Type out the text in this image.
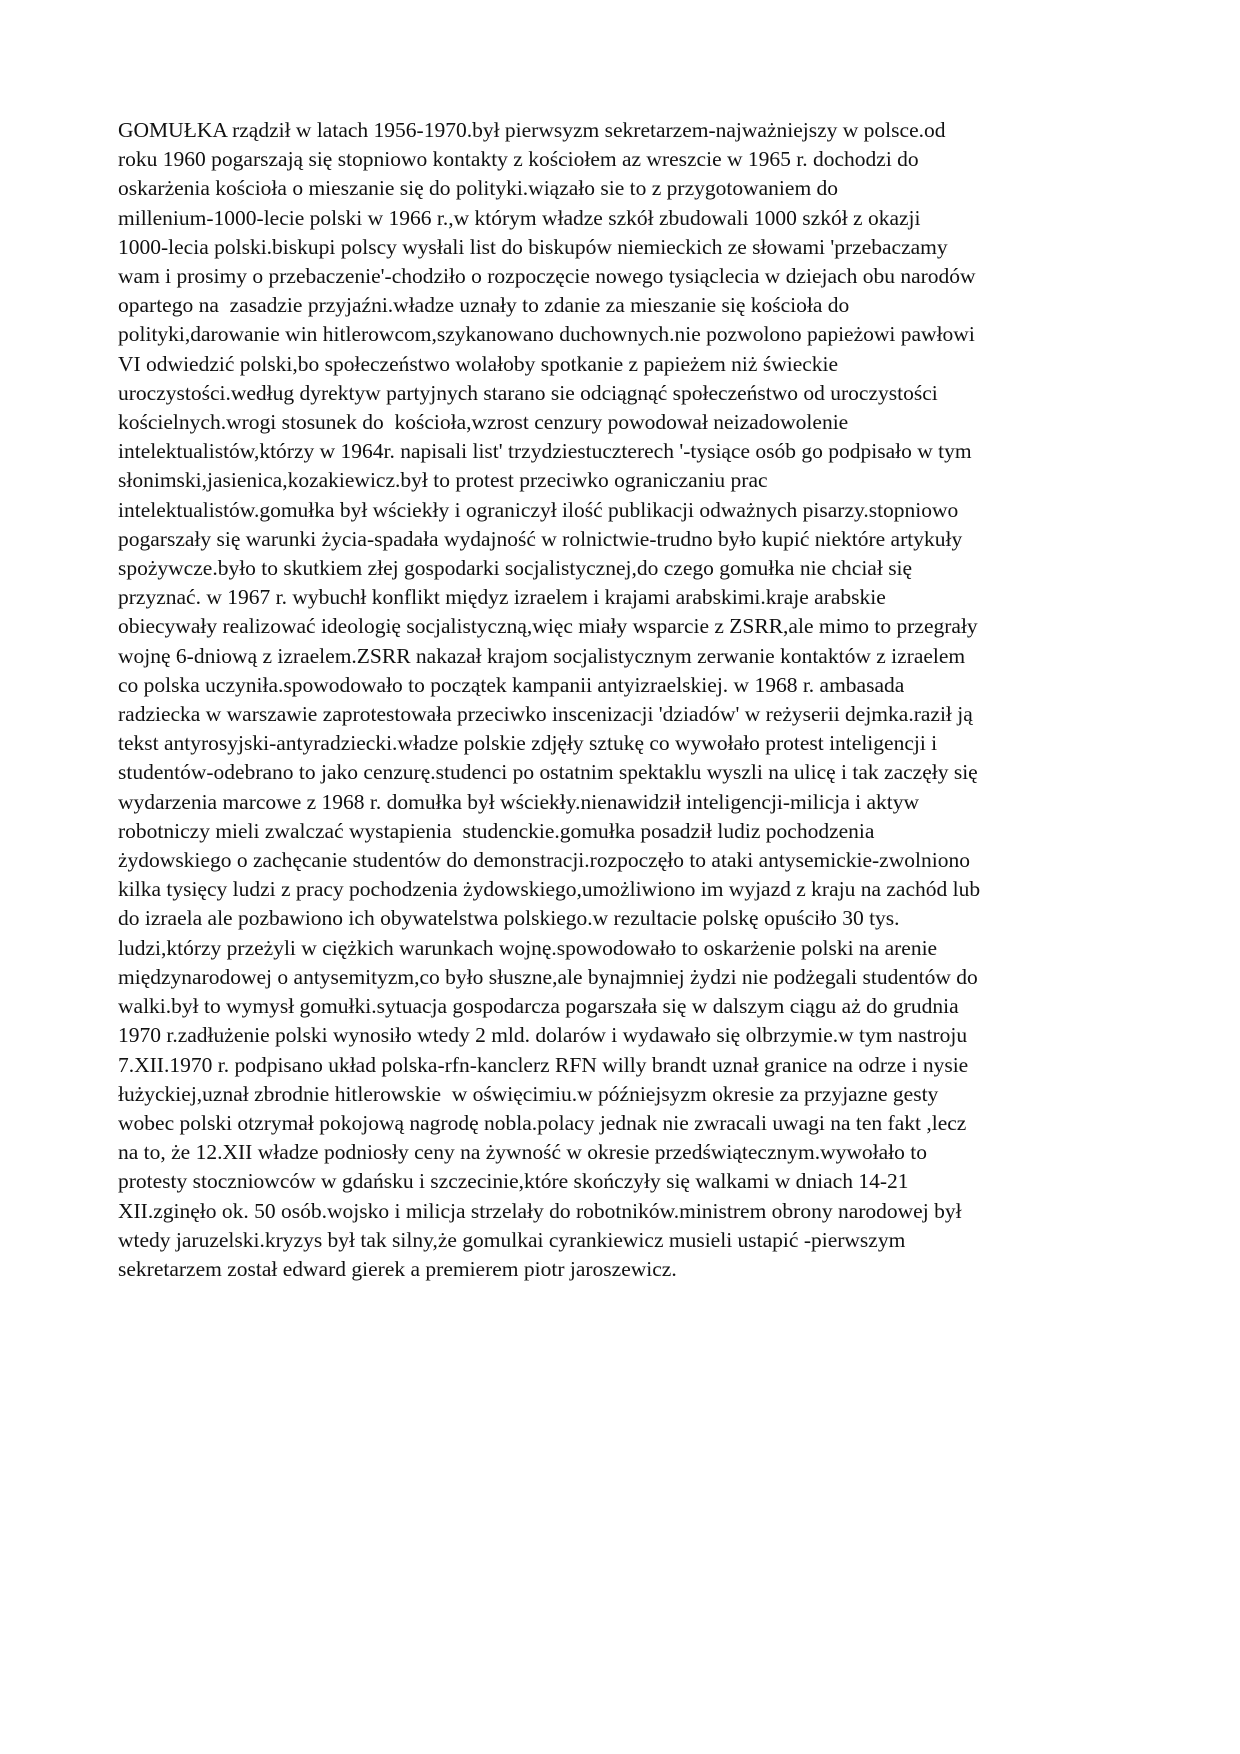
GOMUŁKA rządził w latach 1956-1970.był pierwsyzm sekretarzem-najważniejszy w polsce.od
roku 1960 pogarszają się stopniowo kontakty z kościołem az wreszcie w 1965 r. dochodzi do
oskarżenia kościoła o mieszanie się do polityki.wiązało sie to z przygotowaniem do
millenium-1000-lecie polski w 1966 r.,w którym władze szkół zbudowali 1000 szkół z okazji
1000-lecia polski.biskupi polscy wysłali list do biskupów niemieckich ze słowami 'przebaczamy
wam i prosimy o przebaczenie'-chodziło o rozpoczęcie nowego tysiąclecia w dziejach obu narodów
opartego na  zasadzie przyjaźni.władze uznały to zdanie za mieszanie się kościoła do
polityki,darowanie win hitlerowcom,szykanowano duchownych.nie pozwolono papieżowi pawłowi
VI odwiedzić polski,bo społeczeństwo wolałoby spotkanie z papieżem niż świeckie
uroczystości.według dyrektyw partyjnych starano sie odciągnąć społeczeństwo od uroczystości
kościelnych.wrogi stosunek do  kościoła,wzrost cenzury powodował neizadowolenie
intelektualistów,którzy w 1964r. napisali list' trzydziestuczterech '-tysiące osób go podpisało w tym
słonimski,jasienica,kozakiewicz.był to protest przeciwko ograniczaniu prac
intelektualistów.gomułka był wściekły i ograniczył ilość publikacji odważnych pisarzy.stopniowo
pogarszały się warunki życia-spadała wydajność w rolnictwie-trudno było kupić niektóre artykuły
spożywcze.było to skutkiem złej gospodarki socjalistycznej,do czego gomułka nie chciał się
przyznać. w 1967 r. wybuchł konflikt międyz izraelem i krajami arabskimi.kraje arabskie
obiecywały realizować ideologię socjalistyczną,więc miały wsparcie z ZSRR,ale mimo to przegrały
wojnę 6-dniową z izraelem.ZSRR nakazał krajom socjalistycznym zerwanie kontaktów z izraelem
co polska uczyniła.spowodowało to początek kampanii antyizraelskiej. w 1968 r. ambasada
radziecka w warszawie zaprotestowała przeciwko inscenizacji 'dziadów' w reżyserii dejmka.raził ją
tekst antyrosyjski-antyradziecki.władze polskie zdjęły sztukę co wywołało protest inteligencji i
studentów-odebrano to jako cenzurę.studenci po ostatnim spektaklu wyszli na ulicę i tak zaczęły się
wydarzenia marcowe z 1968 r. domułka był wściekły.nienawidził inteligencji-milicja i aktyw
robotniczy mieli zwalczać wystapienia  studenckie.gomułka posadził ludiz pochodzenia
żydowskiego o zachęcanie studentów do demonstracji.rozpoczęło to ataki antysemickie-zwolniono
kilka tysięcy ludzi z pracy pochodzenia żydowskiego,umożliwiono im wyjazd z kraju na zachód lub
do izraela ale pozbawiono ich obywatelstwa polskiego.w rezultacie polskę opuściło 30 tys.
ludzi,którzy przeżyli w ciężkich warunkach wojnę.spowodowało to oskarżenie polski na arenie
międzynarodowej o antysemityzm,co było słuszne,ale bynajmniej żydzi nie podżegali studentów do
walki.był to wymysł gomułki.sytuacja gospodarcza pogarszała się w dalszym ciągu aż do grudnia
1970 r.zadłużenie polski wynosiło wtedy 2 mld. dolarów i wydawało się olbrzymie.w tym nastroju
7.XII.1970 r. podpisano układ polska-rfn-kanclerz RFN willy brandt uznał granice na odrze i nysie
łużyckiej,uznał zbrodnie hitlerowskie  w oświęcimiu.w późniejsyzm okresie za przyjazne gesty
wobec polski otzrymał pokojową nagrodę nobla.polacy jednak nie zwracali uwagi na ten fakt ,lecz
na to, że 12.XII władze podniosły ceny na żywność w okresie przedświątecznym.wywołało to
protesty stoczniowców w gdańsku i szczecinie,które skończyły się walkami w dniach 14-21
XII.zginęło ok. 50 osób.wojsko i milicja strzelały do robotników.ministrem obrony narodowej był
wtedy jaruzelski.kryzys był tak silny,że gomulkai cyrankiewicz musieli ustapić -pierwszym
sekretarzem został edward gierek a premierem piotr jaroszewicz.
